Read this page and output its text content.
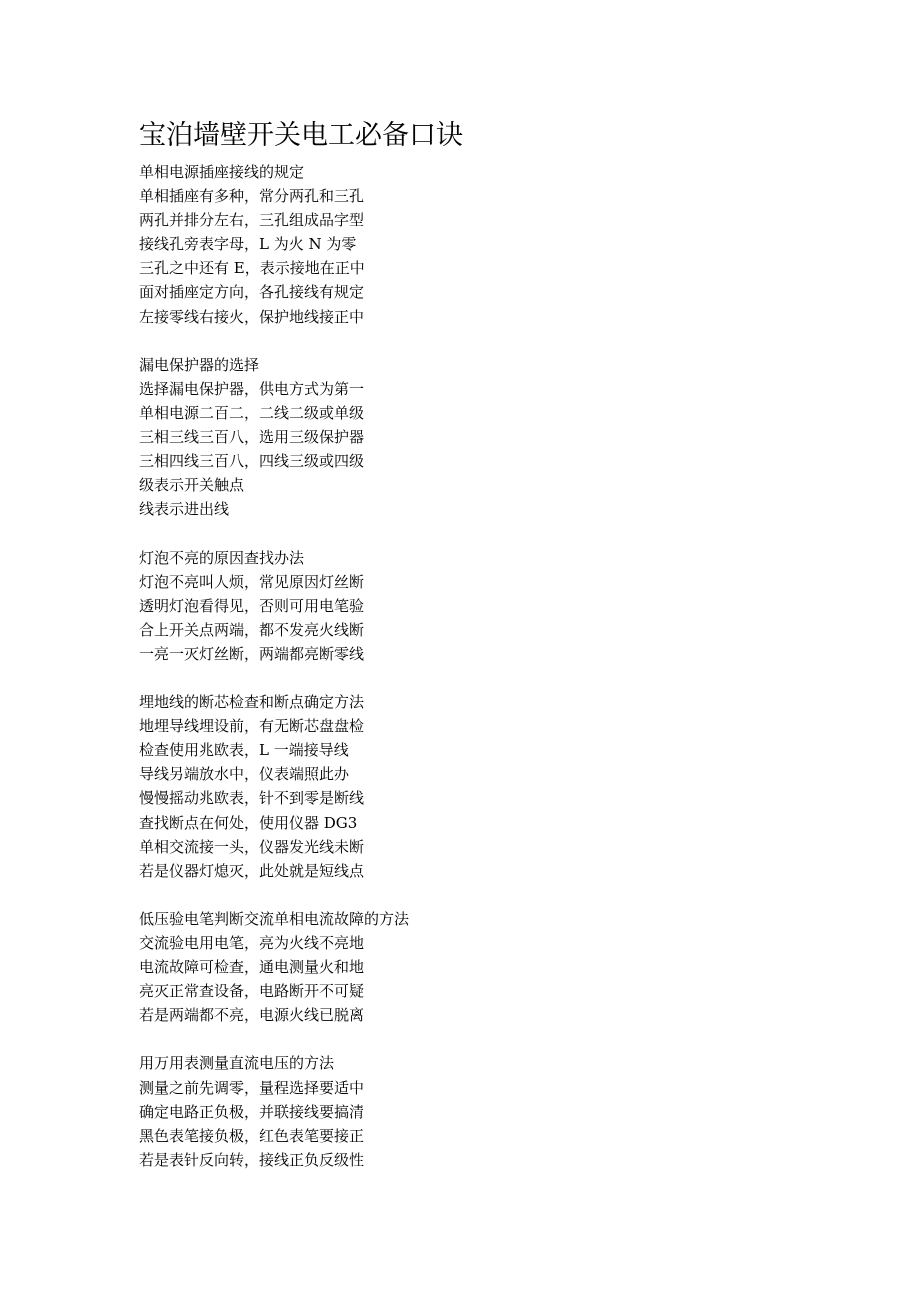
宝泊墙壁开关电工必备口诀
单相电源插座接线的规定
单相插座有多种，常分两孔和三孔
两孔并排分左右，三孔组成品字型
接线孔旁表字母，L 为火 N 为零
三孔之中还有 E，表示接地在正中
面对插座定方向，各孔接线有规定
左接零线右接火，保护地线接正中
漏电保护器的选择
选择漏电保护器，供电方式为第一
单相电源二百二，二线二级或单级
三相三线三百八，选用三级保护器
三相四线三百八，四线三级或四级
级表示开关触点
线表示进出线
灯泡不亮的原因查找办法
灯泡不亮叫人烦，常见原因灯丝断
透明灯泡看得见，否则可用电笔验
合上开关点两端，都不发亮火线断
一亮一灭灯丝断，两端都亮断零线
埋地线的断芯检查和断点确定方法
地埋导线埋设前，有无断芯盘盘检
检查使用兆欧表，L 一端接导线
导线另端放水中，仪表端照此办
慢慢摇动兆欧表，针不到零是断线
查找断点在何处，使用仪器 DG3
单相交流接一头，仪器发光线未断
若是仪器灯熄灭，此处就是短线点
低压验电笔判断交流单相电流故障的方法
交流验电用电笔，亮为火线不亮地
电流故障可检查，通电测量火和地
亮灭正常查设备，电路断开不可疑
若是两端都不亮，电源火线已脱离
用万用表测量直流电压的方法
测量之前先调零，量程选择要适中
确定电路正负极，并联接线要搞清
黑色表笔接负极，红色表笔要接正
若是表针反向转，接线正负反级性
